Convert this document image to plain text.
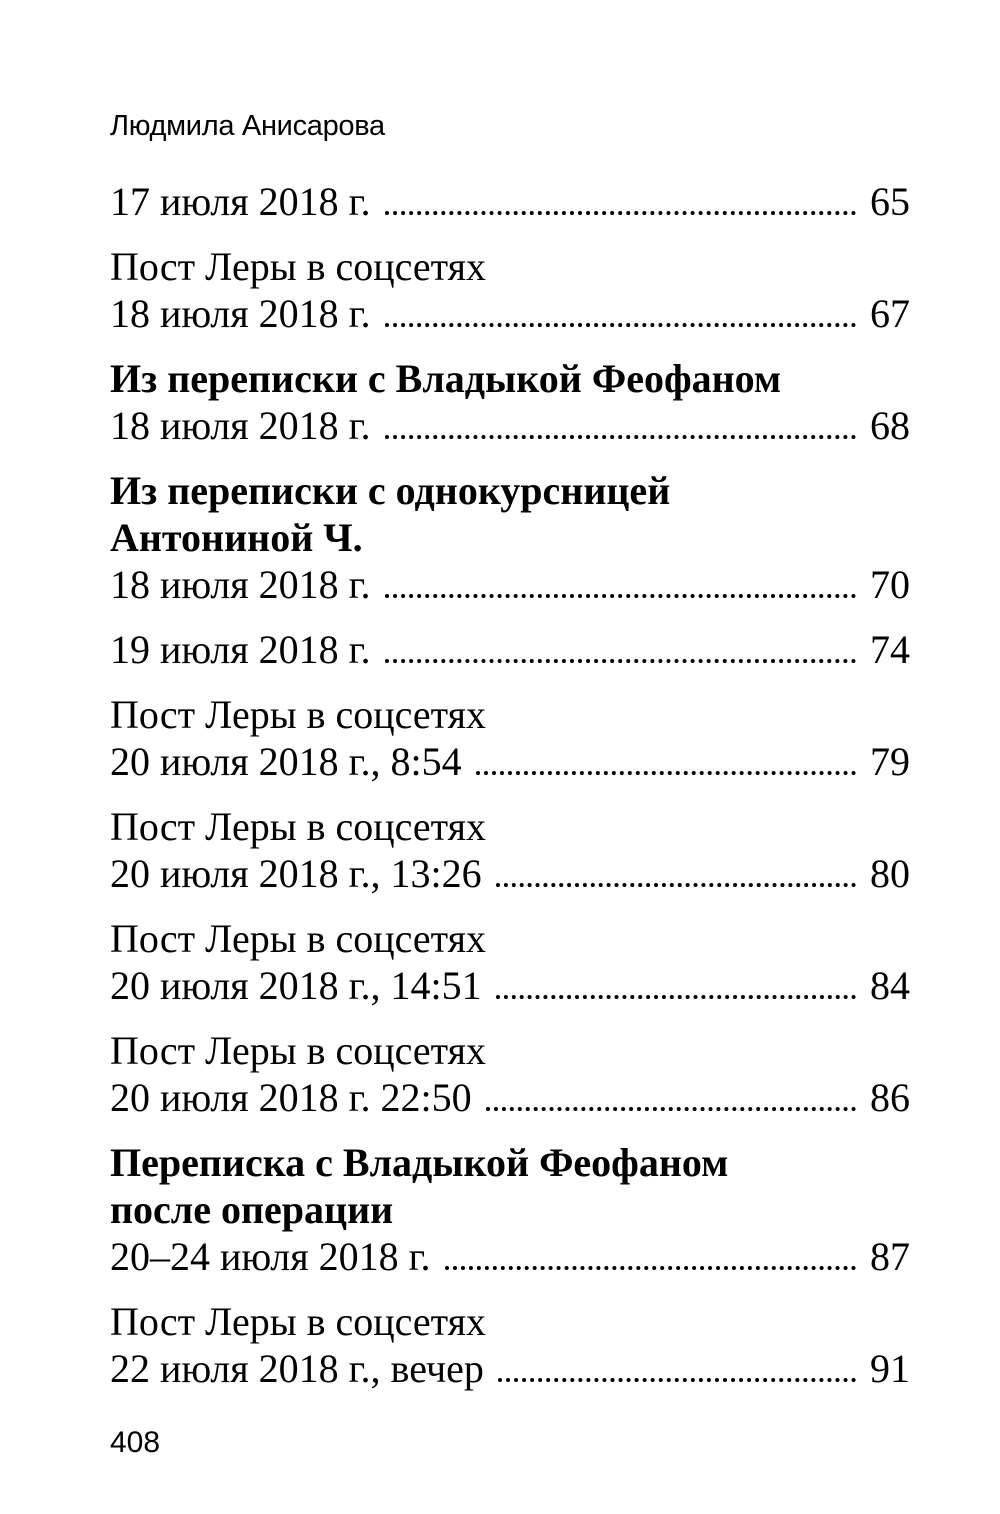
Людмила Анисарова
17 июля 2018 г.	65
Пост Леры в соцсетях
18 июля 2018 г.	67
Из переписки с Владыкой Феофаном
18 июля 2018 г.	68
Из переписки с однокурсницей
Антониной Ч.
18 июля 2018 г.	70
19 июля 2018 г.	74
Пост Леры в соцсетях
20 июля 2018 г., 8:54	79
Пост Леры в соцсетях
20 июля 2018 г., 13:26	80
Пост Леры в соцсетях
20 июля 2018 г., 14:51	84
Пост Леры в соцсетях
20 июля 2018 г. 22:50	86
Переписка с Владыкой Феофаном
после операции
20–24 июля 2018 г.	87
Пост Леры в соцсетях
22 июля 2018 г., вечер	91
408
